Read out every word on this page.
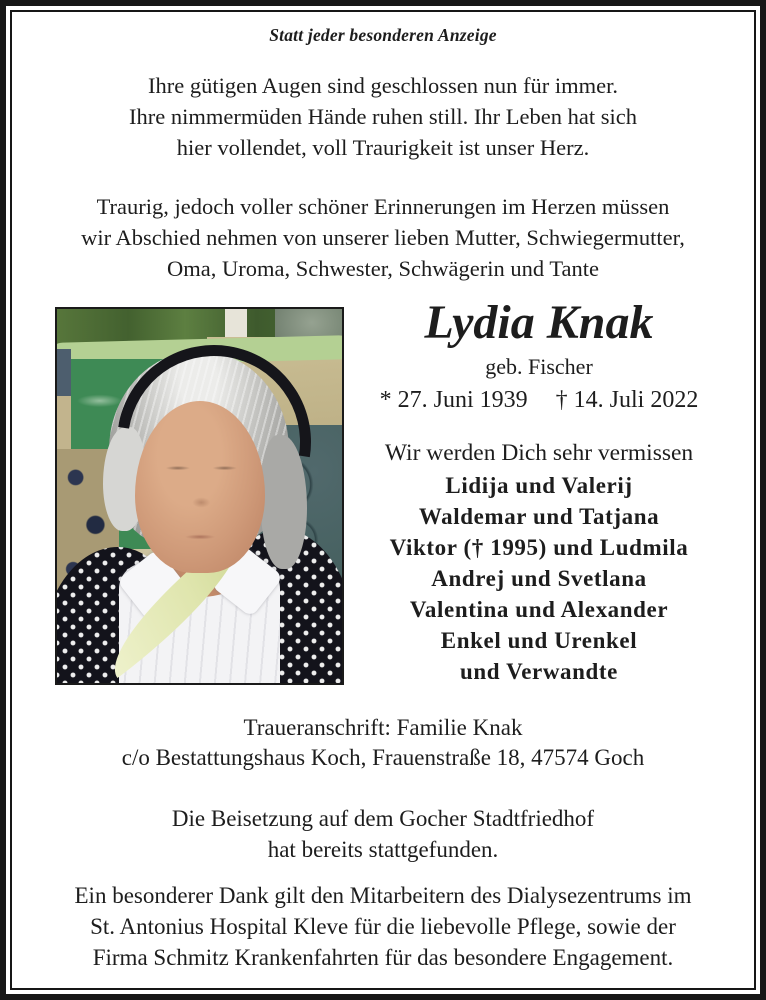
Statt jeder besonderen Anzeige
Ihre gütigen Augen sind geschlossen nun für immer.
Ihre nimmermüden Hände ruhen still. Ihr Leben hat sich
hier vollendet, voll Traurigkeit ist unser Herz.
Traurig, jedoch voller schöner Erinnerungen im Herzen müssen
wir Abschied nehmen von unserer lieben Mutter, Schwiegermutter,
Oma, Uroma, Schwester, Schwägerin und Tante
Lydia Knak
geb. Fischer
* 27. Juni 1939 † 14. Juli 2022
Wir werden Dich sehr vermissen
Lidija und Valerij
Waldemar und Tatjana
Viktor († 1995) und Ludmila
Andrej und Svetlana
Valentina und Alexander
Enkel und Urenkel
und Verwandte
Traueranschrift: Familie Knak
c/o Bestattungshaus Koch, Frauenstraße 18, 47574 Goch
Die Beisetzung auf dem Gocher Stadtfriedhof
hat bereits stattgefunden.
Ein besonderer Dank gilt den Mitarbeitern des Dialysezentrums im
St. Antonius Hospital Kleve für die liebevolle Pflege, sowie der
Firma Schmitz Krankenfahrten für das besondere Engagement.
